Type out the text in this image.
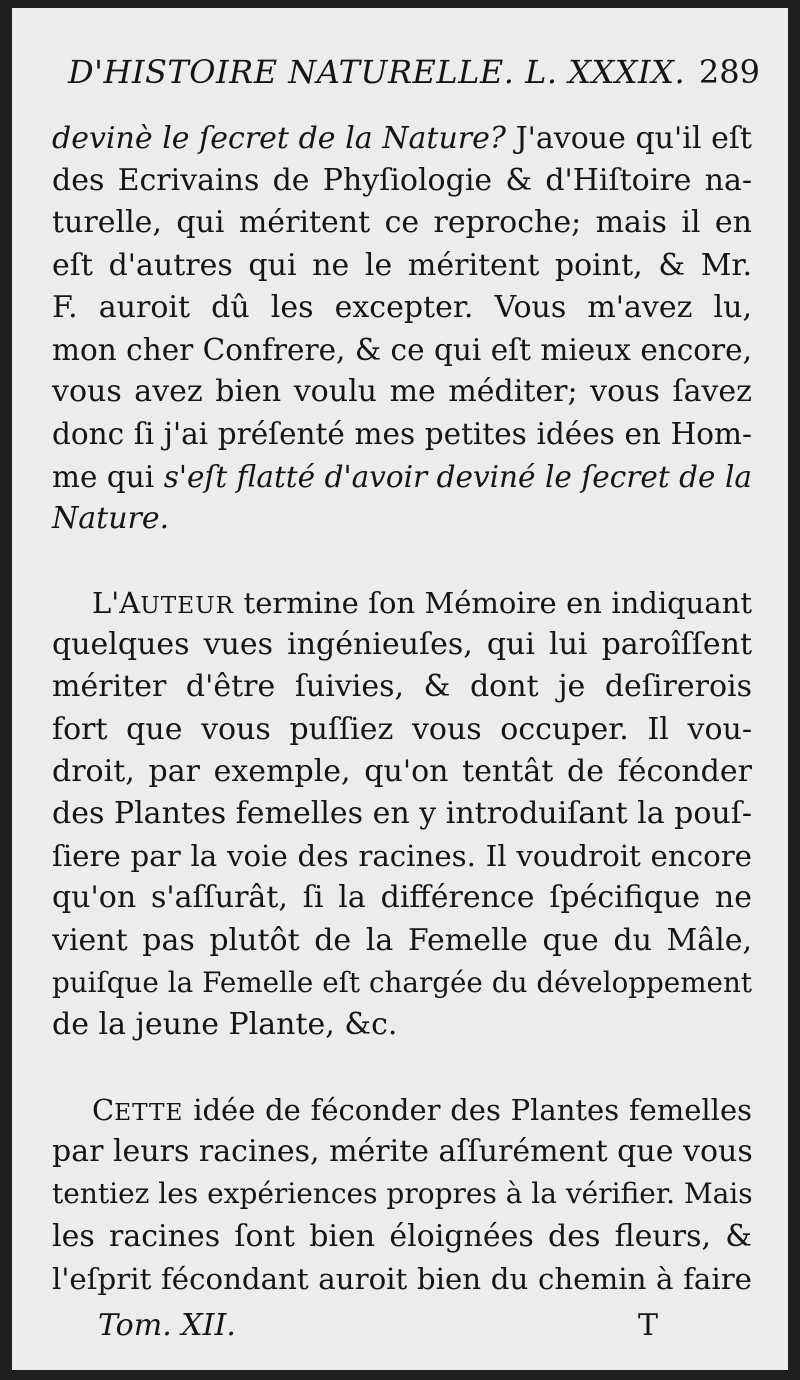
D'HISTOIRE NATURELLE. L. XXXIX. 289
devinè le ſecret de la Nature? J'avoue qu'il eſt
des Ecrivains de Phyſiologie & d'Hiſtoire na-
turelle, qui méritent ce reproche; mais il en
eſt d'autres qui ne le méritent point, & Mr.
F. auroit dû les excepter. Vous m'avez lu,
mon cher Confrere, & ce qui eſt mieux encore,
vous avez bien voulu me méditer; vous ſavez
donc ſi j'ai préſenté mes petites idées en Hom-
me qui s'eſt flatté d'avoir deviné le ſecret de la
Nature.
L'AUTEUR termine ſon Mémoire en indiquant
quelques vues ingénieuſes, qui lui paroîſſent
mériter d'être ſuivies, & dont je deſirerois
fort que vous puſſiez vous occuper. Il vou-
droit, par exemple, qu'on tentât de féconder
des Plantes femelles en y introduiſant la pouſ-
ſiere par la voie des racines. Il voudroit encore
qu'on s'aſſurât, ſi la différence ſpécifique ne
vient pas plutôt de la Femelle que du Mâle,
puiſque la Femelle eſt chargée du développement
de la jeune Plante, &c.
CETTE idée de féconder des Plantes femelles
par leurs racines, mérite aſſurément que vous
tentiez les expériences propres à la vérifier. Mais
les racines ſont bien éloignées des fleurs, &
l'eſprit fécondant auroit bien du chemin à faire
Tom. XII.	T
